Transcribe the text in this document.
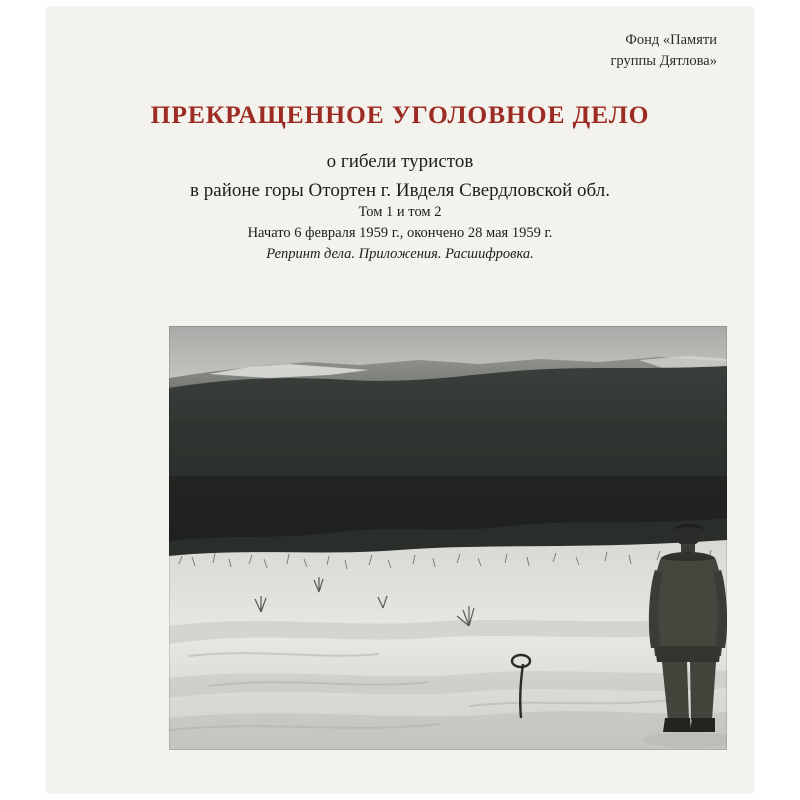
Фонд «Памяти
группы Дятлова»
ПРЕКРАЩЕННОЕ УГОЛОВНОЕ ДЕЛО

о гибели туристов
в районе горы Отортен г. Ивделя Свердловской обл.

Том 1 и том 2
Начато 6 февраля 1959 г., окончено 28 мая 1959 г.
Репринт дела. Приложения. Расшифровка.
